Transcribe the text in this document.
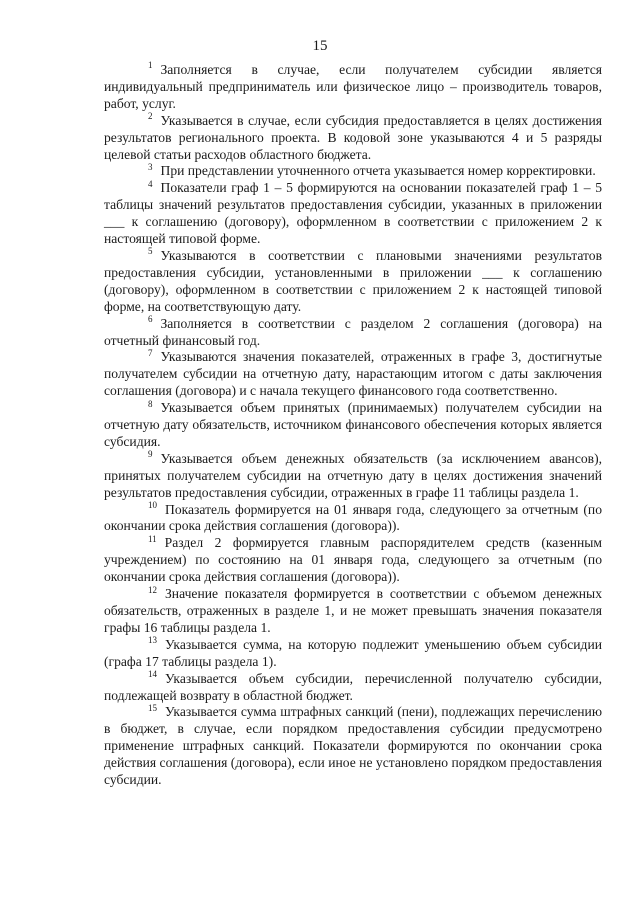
15

$^1$ Заполняется в случае, если получателем субсидии является индивидуальный предприниматель или физическое лицо – производитель товаров, работ, услуг.

$^2$ Указывается в случае, если субсидия предоставляется в целях достижения результатов регионального проекта. В кодовой зоне указываются 4 и 5 разряды целевой статьи расходов областного бюджета.

$^3$ При представлении уточненного отчета указывается номер корректировки.

$^4$ Показатели граф 1 – 5 формируются на основании показателей граф 1 – 5 таблицы значений результатов предоставления субсидии, указанных в приложении ___ к соглашению (договору), оформленном в соответствии с приложением 2 к настоящей типовой форме.

$^5$ Указываются в соответствии с плановыми значениями результатов предоставления субсидии, установленными в приложении ___ к соглашению (договору), оформленном в соответствии с приложением 2 к настоящей типовой форме, на соответствующую дату.

$^6$ Заполняется в соответствии с разделом 2 соглашения (договора) на отчетный финансовый год.

$^7$ Указываются значения показателей, отраженных в графе 3, достигнутые получателем субсидии на отчетную дату, нарастающим итогом с даты заключения соглашения (договора) и с начала текущего финансового года соответственно.

$^8$ Указывается объем принятых (принимаемых) получателем субсидии на отчетную дату обязательств, источником финансового обеспечения которых является субсидия.

$^9$ Указывается объем денежных обязательств (за исключением авансов), принятых получателем субсидии на отчетную дату в целях достижения значений результатов предоставления субсидии, отраженных в графе 11 таблицы раздела 1.

$^{10}$ Показатель формируется на 01 января года, следующего за отчетным (по окончании срока действия соглашения (договора)).

$^{11}$ Раздел 2 формируется главным распорядителем средств (казенным учреждением) по состоянию на 01 января года, следующего за отчетным (по окончании срока действия соглашения (договора)).

$^{12}$ Значение показателя формируется в соответствии с объемом денежных обязательств, отраженных в разделе 1, и не может превышать значения показателя графы 16 таблицы раздела 1.

$^{13}$ Указывается сумма, на которую подлежит уменьшению объем субсидии (графа 17 таблицы раздела 1).

$^{14}$ Указывается объем субсидии, перечисленной получателю субсидии, подлежащей возврату в областной бюджет.

$^{15}$ Указывается сумма штрафных санкций (пени), подлежащих перечислению в бюджет, в случае, если порядком предоставления субсидии предусмотрено применение штрафных санкций. Показатели формируются по окончании срока действия соглашения (договора), если иное не установлено порядком предоставления субсидии.
